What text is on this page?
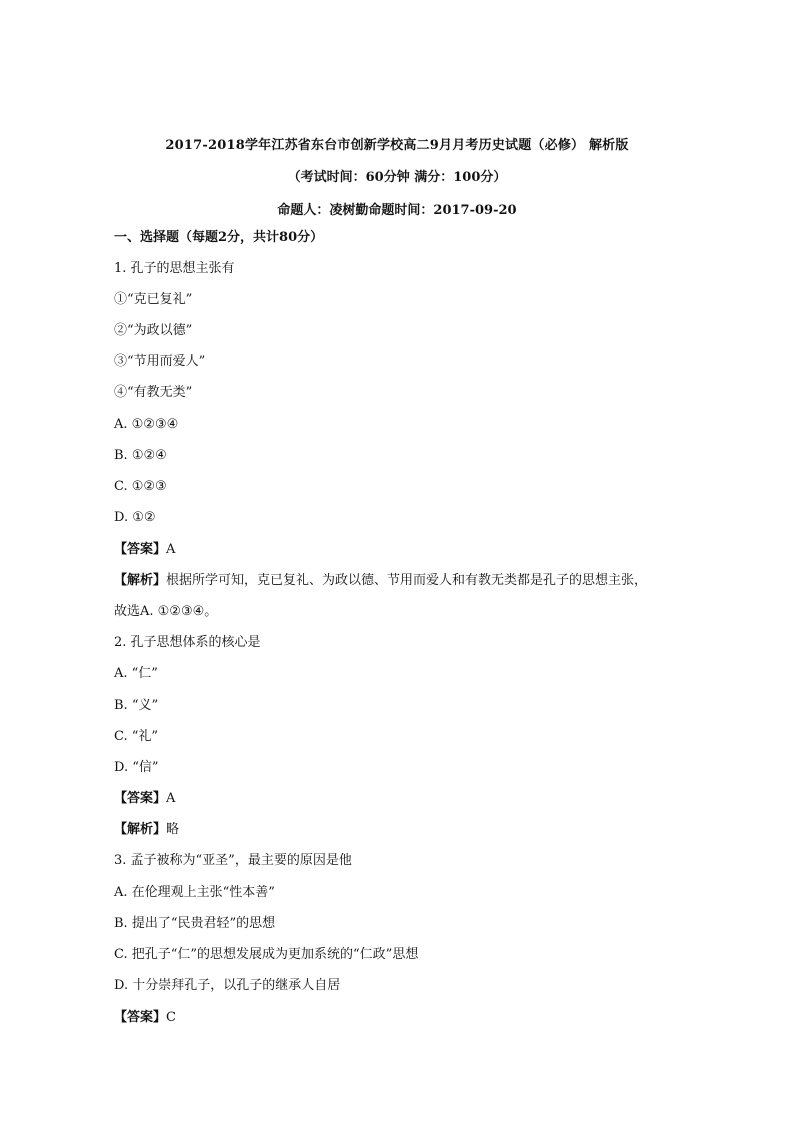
2017-2018学年江苏省东台市创新学校高二9月月考历史试题（必修） 解析版
（考试时间：60分钟 满分：100分）
命题人：凌树勤命题时间：2017-09-20
一、选择题（每题2分，共计80分）
1. 孔子的思想主张有
①“克已复礼”
②“为政以德”
③“节用而爱人”
④“有教无类”
A. ①②③④
B. ①②④
C. ①②③
D. ①②
【答案】A
【解析】根据所学可知，克已复礼、为政以德、节用而爱人和有教无类都是孔子的思想主张，
故选A. ①②③④。
2. 孔子思想体系的核心是
A. “仁”
B. “义”
C. “礼”
D. “信”
【答案】A
【解析】略
3. 孟子被称为“亚圣”，最主要的原因是他
A. 在伦理观上主张“性本善”
B. 提出了“民贵君轻”的思想
C. 把孔子“仁”的思想发展成为更加系统的“仁政”思想
D. 十分崇拜孔子，以孔子的继承人自居
【答案】C
